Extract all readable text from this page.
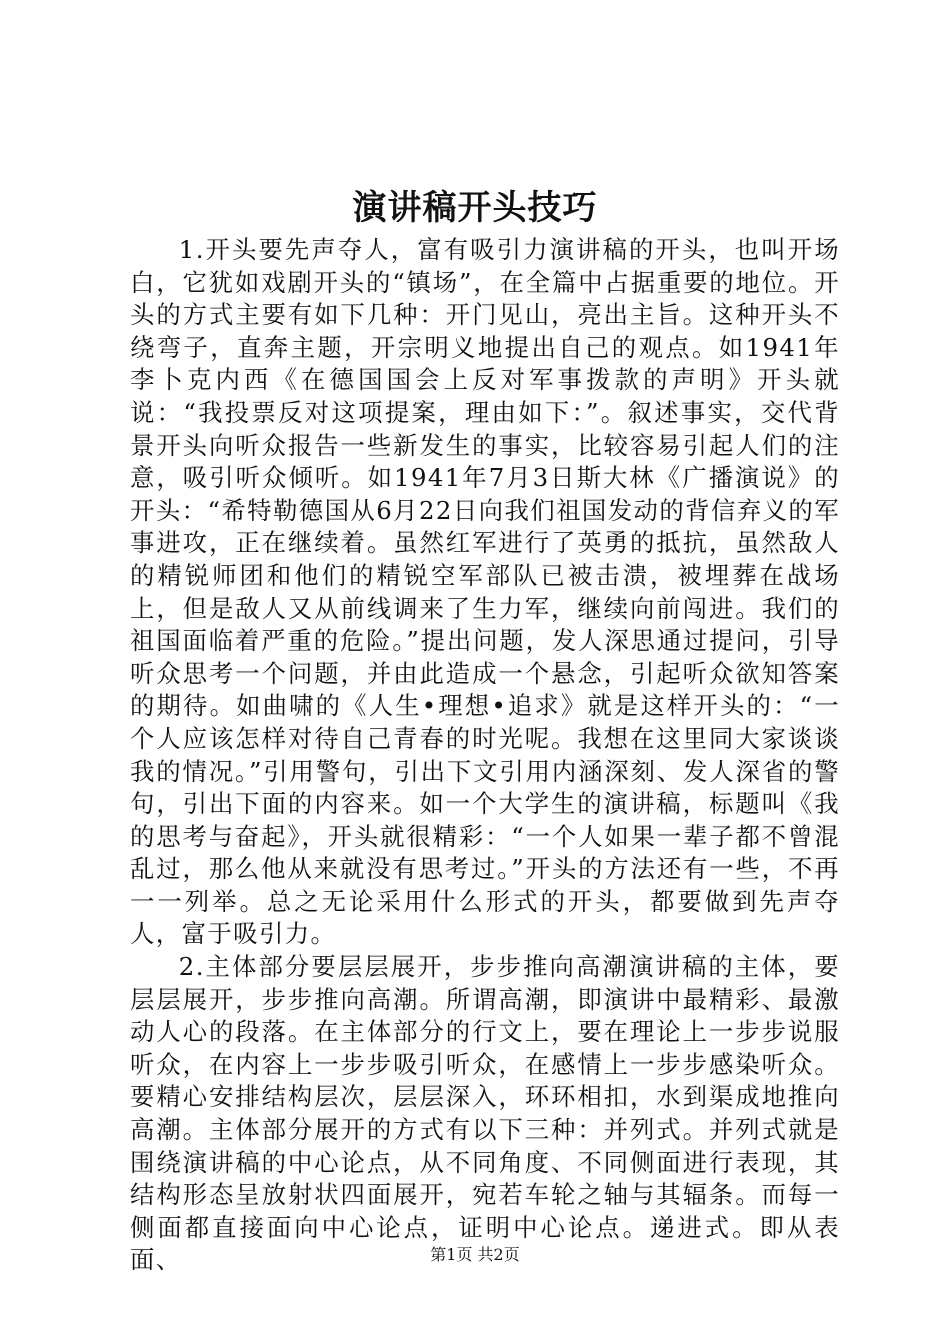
演讲稿开头技巧

1.开头要先声夺人，富有吸引力演讲稿的开头，也叫开场白，它犹如戏剧开头的“镇场”，在全篇中占据重要的地位。开头的方式主要有如下几种：开门见山，亮出主旨。这种开头不绕弯子，直奔主题，开宗明义地提出自己的观点。如1941年李卜克内西《在德国国会上反对军事拨款的声明》开头就说：“我投票反对这项提案，理由如下：”。叙述事实，交代背景开头向听众报告一些新发生的事实，比较容易引起人们的注意，吸引听众倾听。如1941年7月3日斯大林《广播演说》的开头：“希特勒德国从6月22日向我们祖国发动的背信弃义的军事进攻，正在继续着。虽然红军进行了英勇的抵抗，虽然敌人的精锐师团和他们的精锐空军部队已被击溃，被埋葬在战场上，但是敌人又从前线调来了生力军，继续向前闯进。我们的祖国面临着严重的危险。”提出问题，发人深思通过提问，引导听众思考一个问题，并由此造成一个悬念，引起听众欲知答案的期待。如曲啸的《人生•理想•追求》就是这样开头的：“一个人应该怎样对待自己青春的时光呢。我想在这里同大家谈谈我的情况。”引用警句，引出下文引用内涵深刻、发人深省的警句，引出下面的内容来。如一个大学生的演讲稿，标题叫《我的思考与奋起》，开头就很精彩：“一个人如果一辈子都不曾混乱过，那么他从来就没有思考过。”开头的方法还有一些，不再一一列举。总之无论采用什么形式的开头，都要做到先声夺人，富于吸引力。

2.主体部分要层层展开，步步推向高潮演讲稿的主体，要层层展开，步步推向高潮。所谓高潮，即演讲中最精彩、最激动人心的段落。在主体部分的行文上，要在理论上一步步说服听众，在内容上一步步吸引听众，在感情上一步步感染听众。要精心安排结构层次，层层深入，环环相扣，水到渠成地推向高潮。主体部分展开的方式有以下三种：并列式。并列式就是围绕演讲稿的中心论点，从不同角度、不同侧面进行表现，其结构形态呈放射状四面展开，宛若车轮之轴与其辐条。而每一侧面都直接面向中心论点，证明中心论点。递进式。即从表面、	第1页 共2页
